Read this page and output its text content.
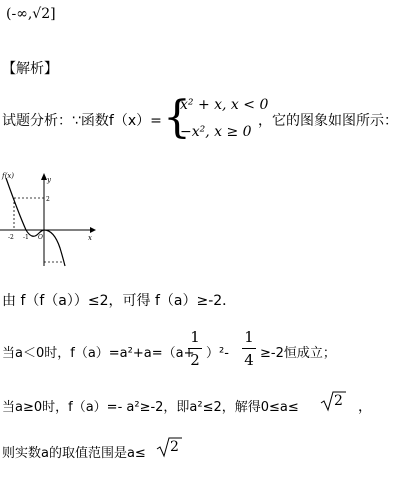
(-∞,√2]
【解析】
试题分析：∵函数f（x）= {
x² + x, x < 0
−x², x ≥ 0
，它的图象如图所示：
f(x)	y
x
2
-2 -1 O
由 f（f（a））≤2，可得 f（a）≥-2．
当a＜0时，f（a）=a²+a=（a+
1
2 ）²-
1
4 ≥-2恒成立；
当a≥0时，f（a）=- a²≥-2，即a²≤2，解得0≤a≤	2 ，
则实数a的取值范围是a≤ 2
